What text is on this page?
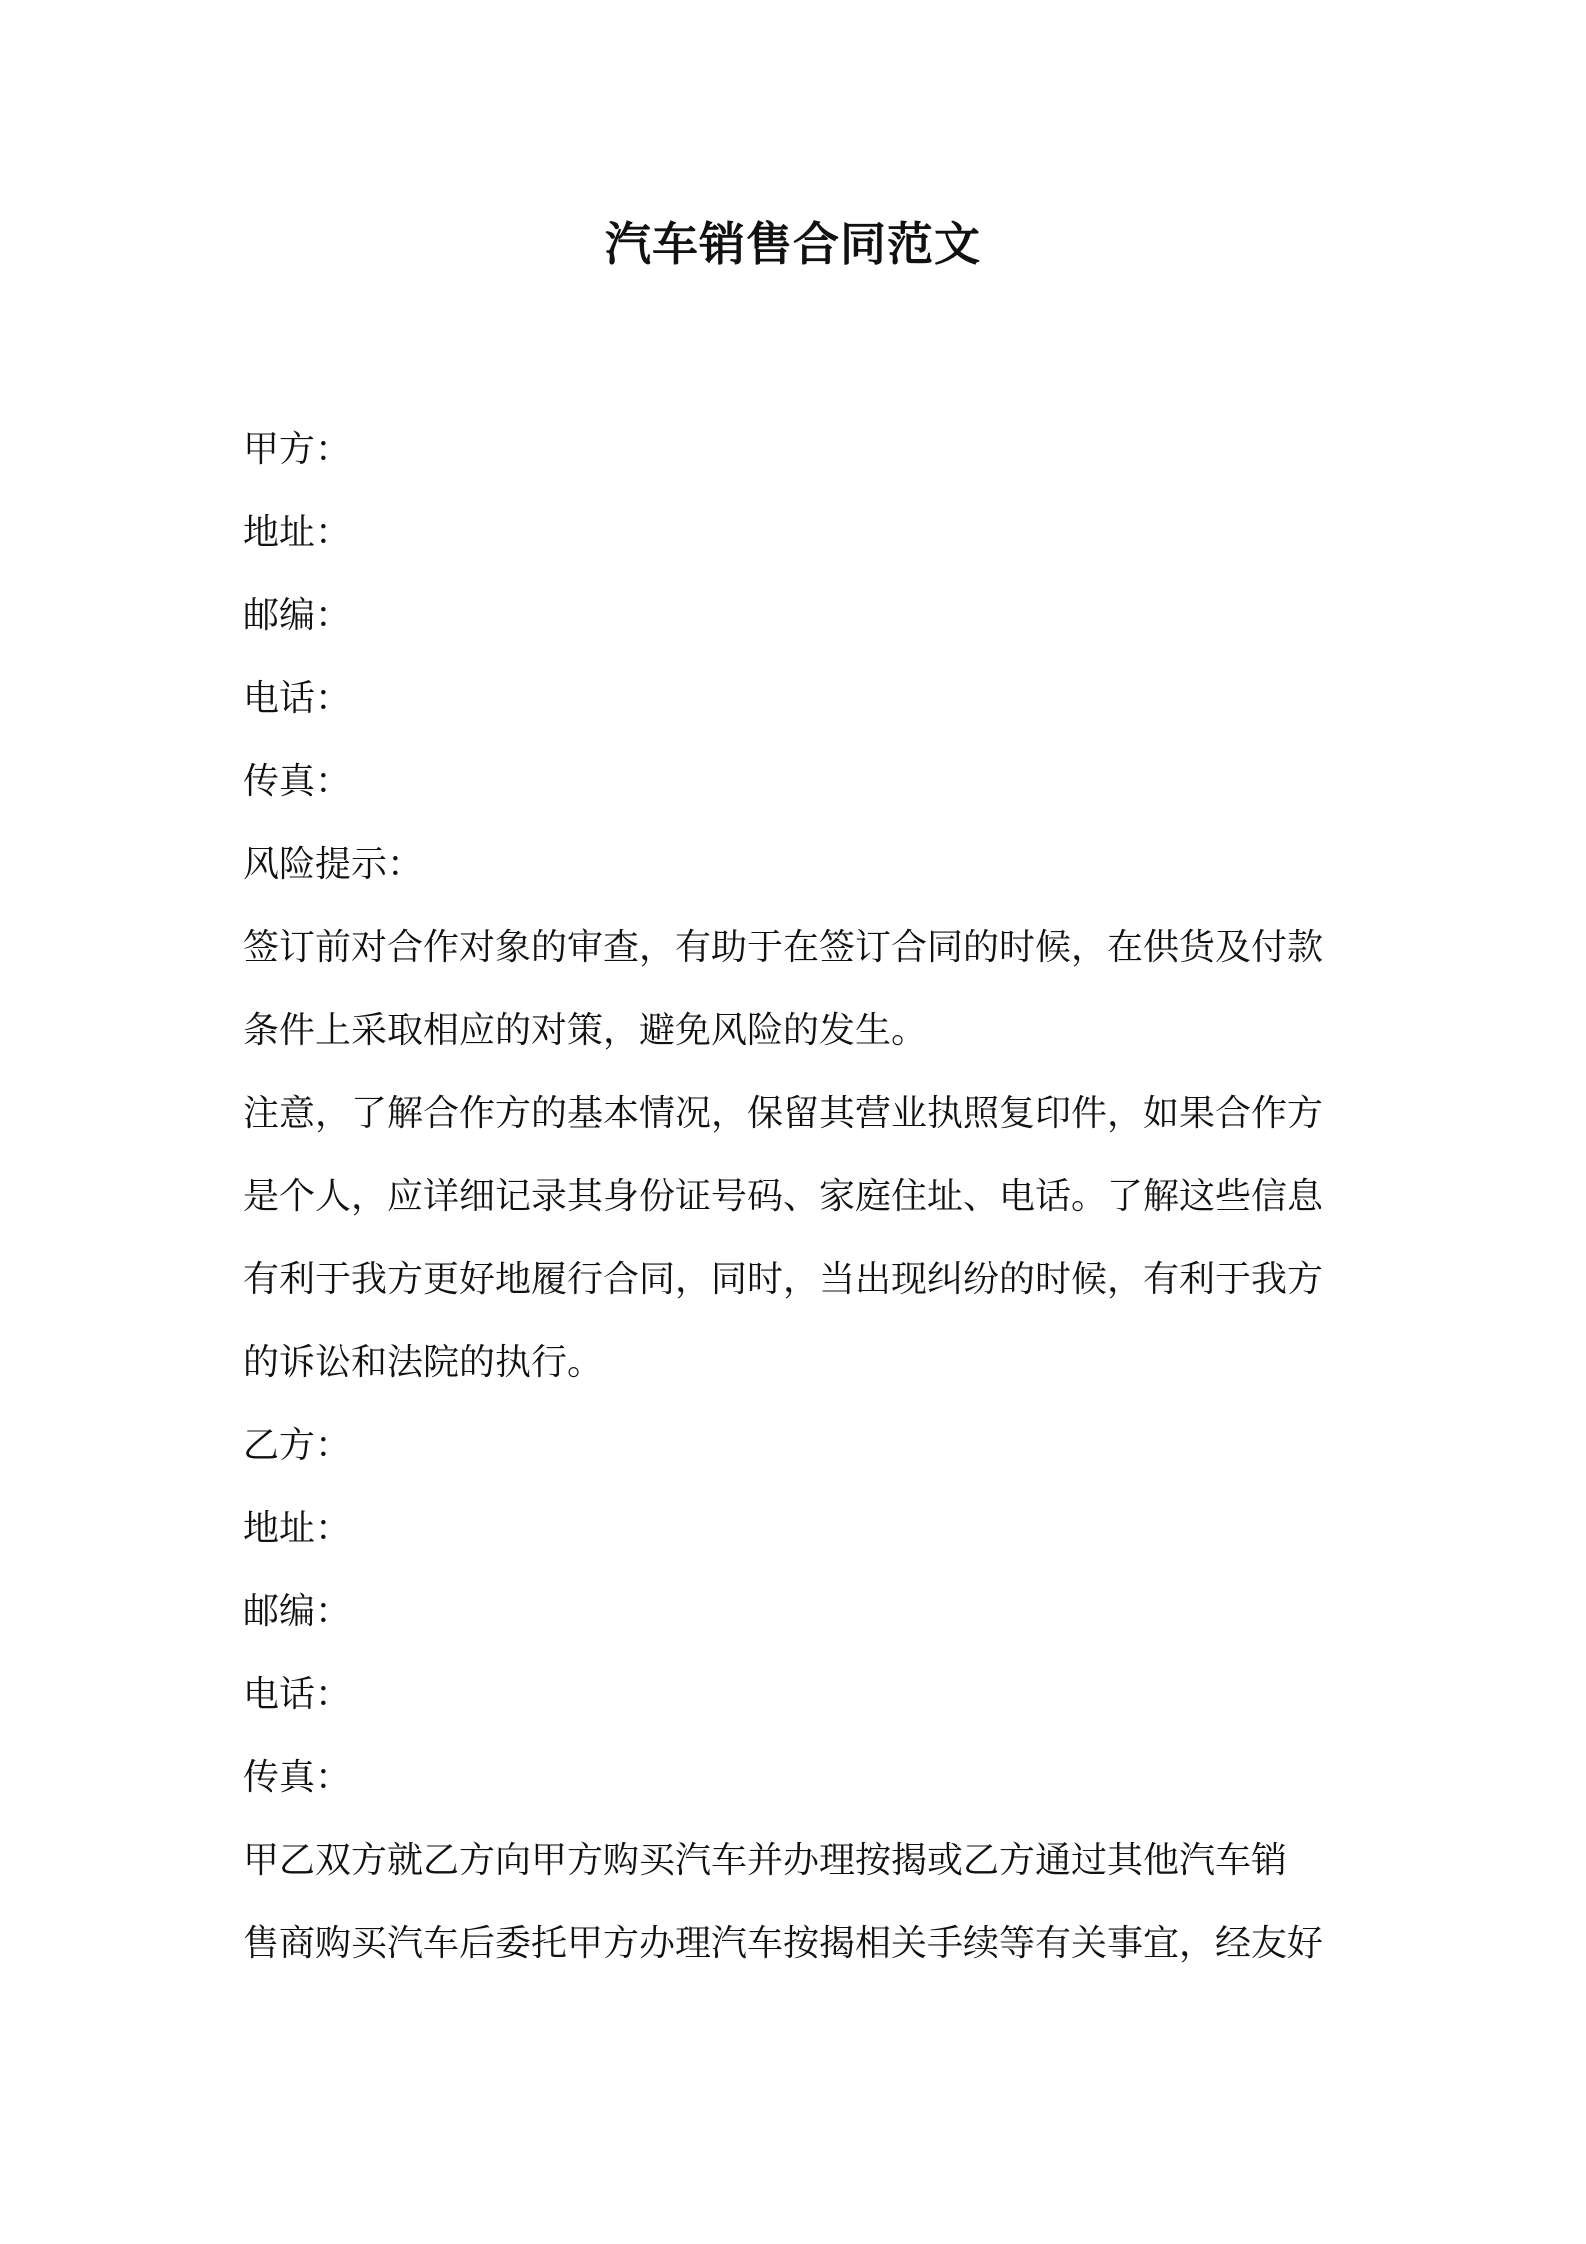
汽车销售合同范文
甲方：
地址：
邮编：
电话：
传真：
风险提示：
签订前对合作对象的审查，有助于在签订合同的时候，在供货及付款
条件上采取相应的对策，避免风险的发生。
注意，了解合作方的基本情况，保留其营业执照复印件，如果合作方
是个人，应详细记录其身份证号码、家庭住址、电话。了解这些信息
有利于我方更好地履行合同，同时，当出现纠纷的时候，有利于我方
的诉讼和法院的执行。
乙方：
地址：
邮编：
电话：
传真：
甲乙双方就乙方向甲方购买汽车并办理按揭或乙方通过其他汽车销
售商购买汽车后委托甲方办理汽车按揭相关手续等有关事宜，经友好
